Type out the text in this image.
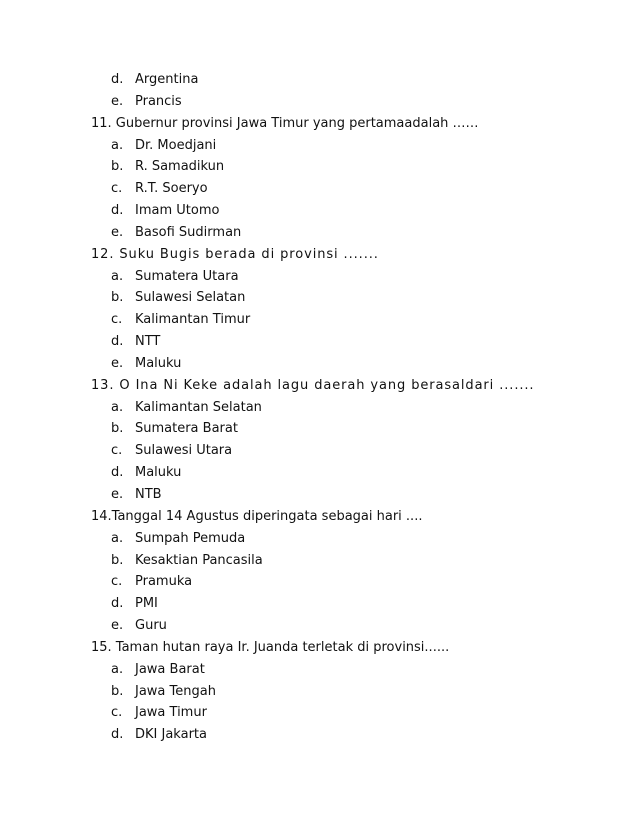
d. Argentina
e. Prancis
11. Gubernur provinsi Jawa Timur yang pertamaadalah ……
a. Dr. Moedjani
b. R. Samadikun
c. R.T. Soeryo
d. Imam Utomo
e. Basofi Sudirman
12. Suku Bugis berada di provinsi .......
a. Sumatera Utara
b. Sulawesi Selatan
c. Kalimantan Timur
d. NTT
e. Maluku
13. O Ina Ni Keke adalah lagu daerah yang berasaldari .......
a. Kalimantan Selatan
b. Sumatera Barat
c. Sulawesi Utara
d. Maluku
e. NTB
14.Tanggal 14 Agustus diperingata sebagai hari ....
a. Sumpah Pemuda
b. Kesaktian Pancasila
c. Pramuka
d. PMI
e. Guru
15. Taman hutan raya Ir. Juanda terletak di provinsi......
a. Jawa Barat
b. Jawa Tengah
c. Jawa Timur
d. DKI Jakarta
